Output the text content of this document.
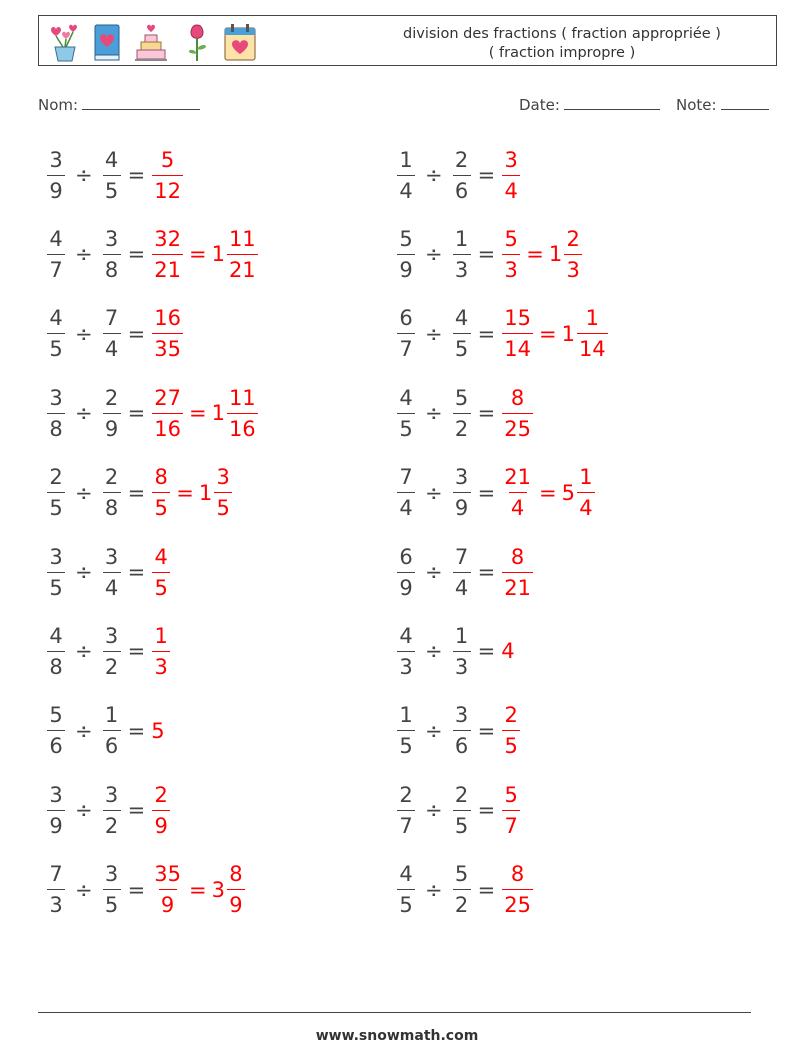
division des fractions ( fraction appropriée )
( fraction impropre )
Nom:	Date:	Note:
$\frac{3}{9} \div \frac{4}{5} = \frac{5}{12}$	$\frac{1}{4} \div \frac{2}{6} = \frac{3}{4}$
$\frac{4}{7} \div \frac{3}{8} = \frac{32}{21} = 1 \frac{11}{21}$	$\frac{5}{9} \div \frac{1}{3} = \frac{5}{3} = 1 \frac{2}{3}$
$\frac{4}{5} \div \frac{7}{4} = \frac{16}{35}$	$\frac{6}{7} \div \frac{4}{5} = \frac{15}{14} = 1 \frac{1}{14}$
$\frac{3}{8} \div \frac{2}{9} = \frac{27}{16} = 1 \frac{11}{16}$	$\frac{4}{5} \div \frac{5}{2} = \frac{8}{25}$
$\frac{2}{5} \div \frac{2}{8} = \frac{8}{5} = 1 \frac{3}{5}$	$\frac{7}{4} \div \frac{3}{9} = \frac{21}{4} = 5 \frac{1}{4}$
$\frac{3}{5} \div \frac{3}{4} = \frac{4}{5}$	$\frac{6}{9} \div \frac{7}{4} = \frac{8}{21}$
$\frac{4}{8} \div \frac{3}{2} = \frac{1}{3}$	$\frac{4}{3} \div \frac{1}{3} = 4$
$\frac{5}{6} \div \frac{1}{6} = 5$	$\frac{1}{5} \div \frac{3}{6} = \frac{2}{5}$
$\frac{3}{9} \div \frac{3}{2} = \frac{2}{9}$	$\frac{2}{7} \div \frac{2}{5} = \frac{5}{7}$
$\frac{7}{3} \div \frac{3}{5} = \frac{35}{9} = 3 \frac{8}{9}$	$\frac{4}{5} \div \frac{5}{2} = \frac{8}{25}$
www.snowmath.com
